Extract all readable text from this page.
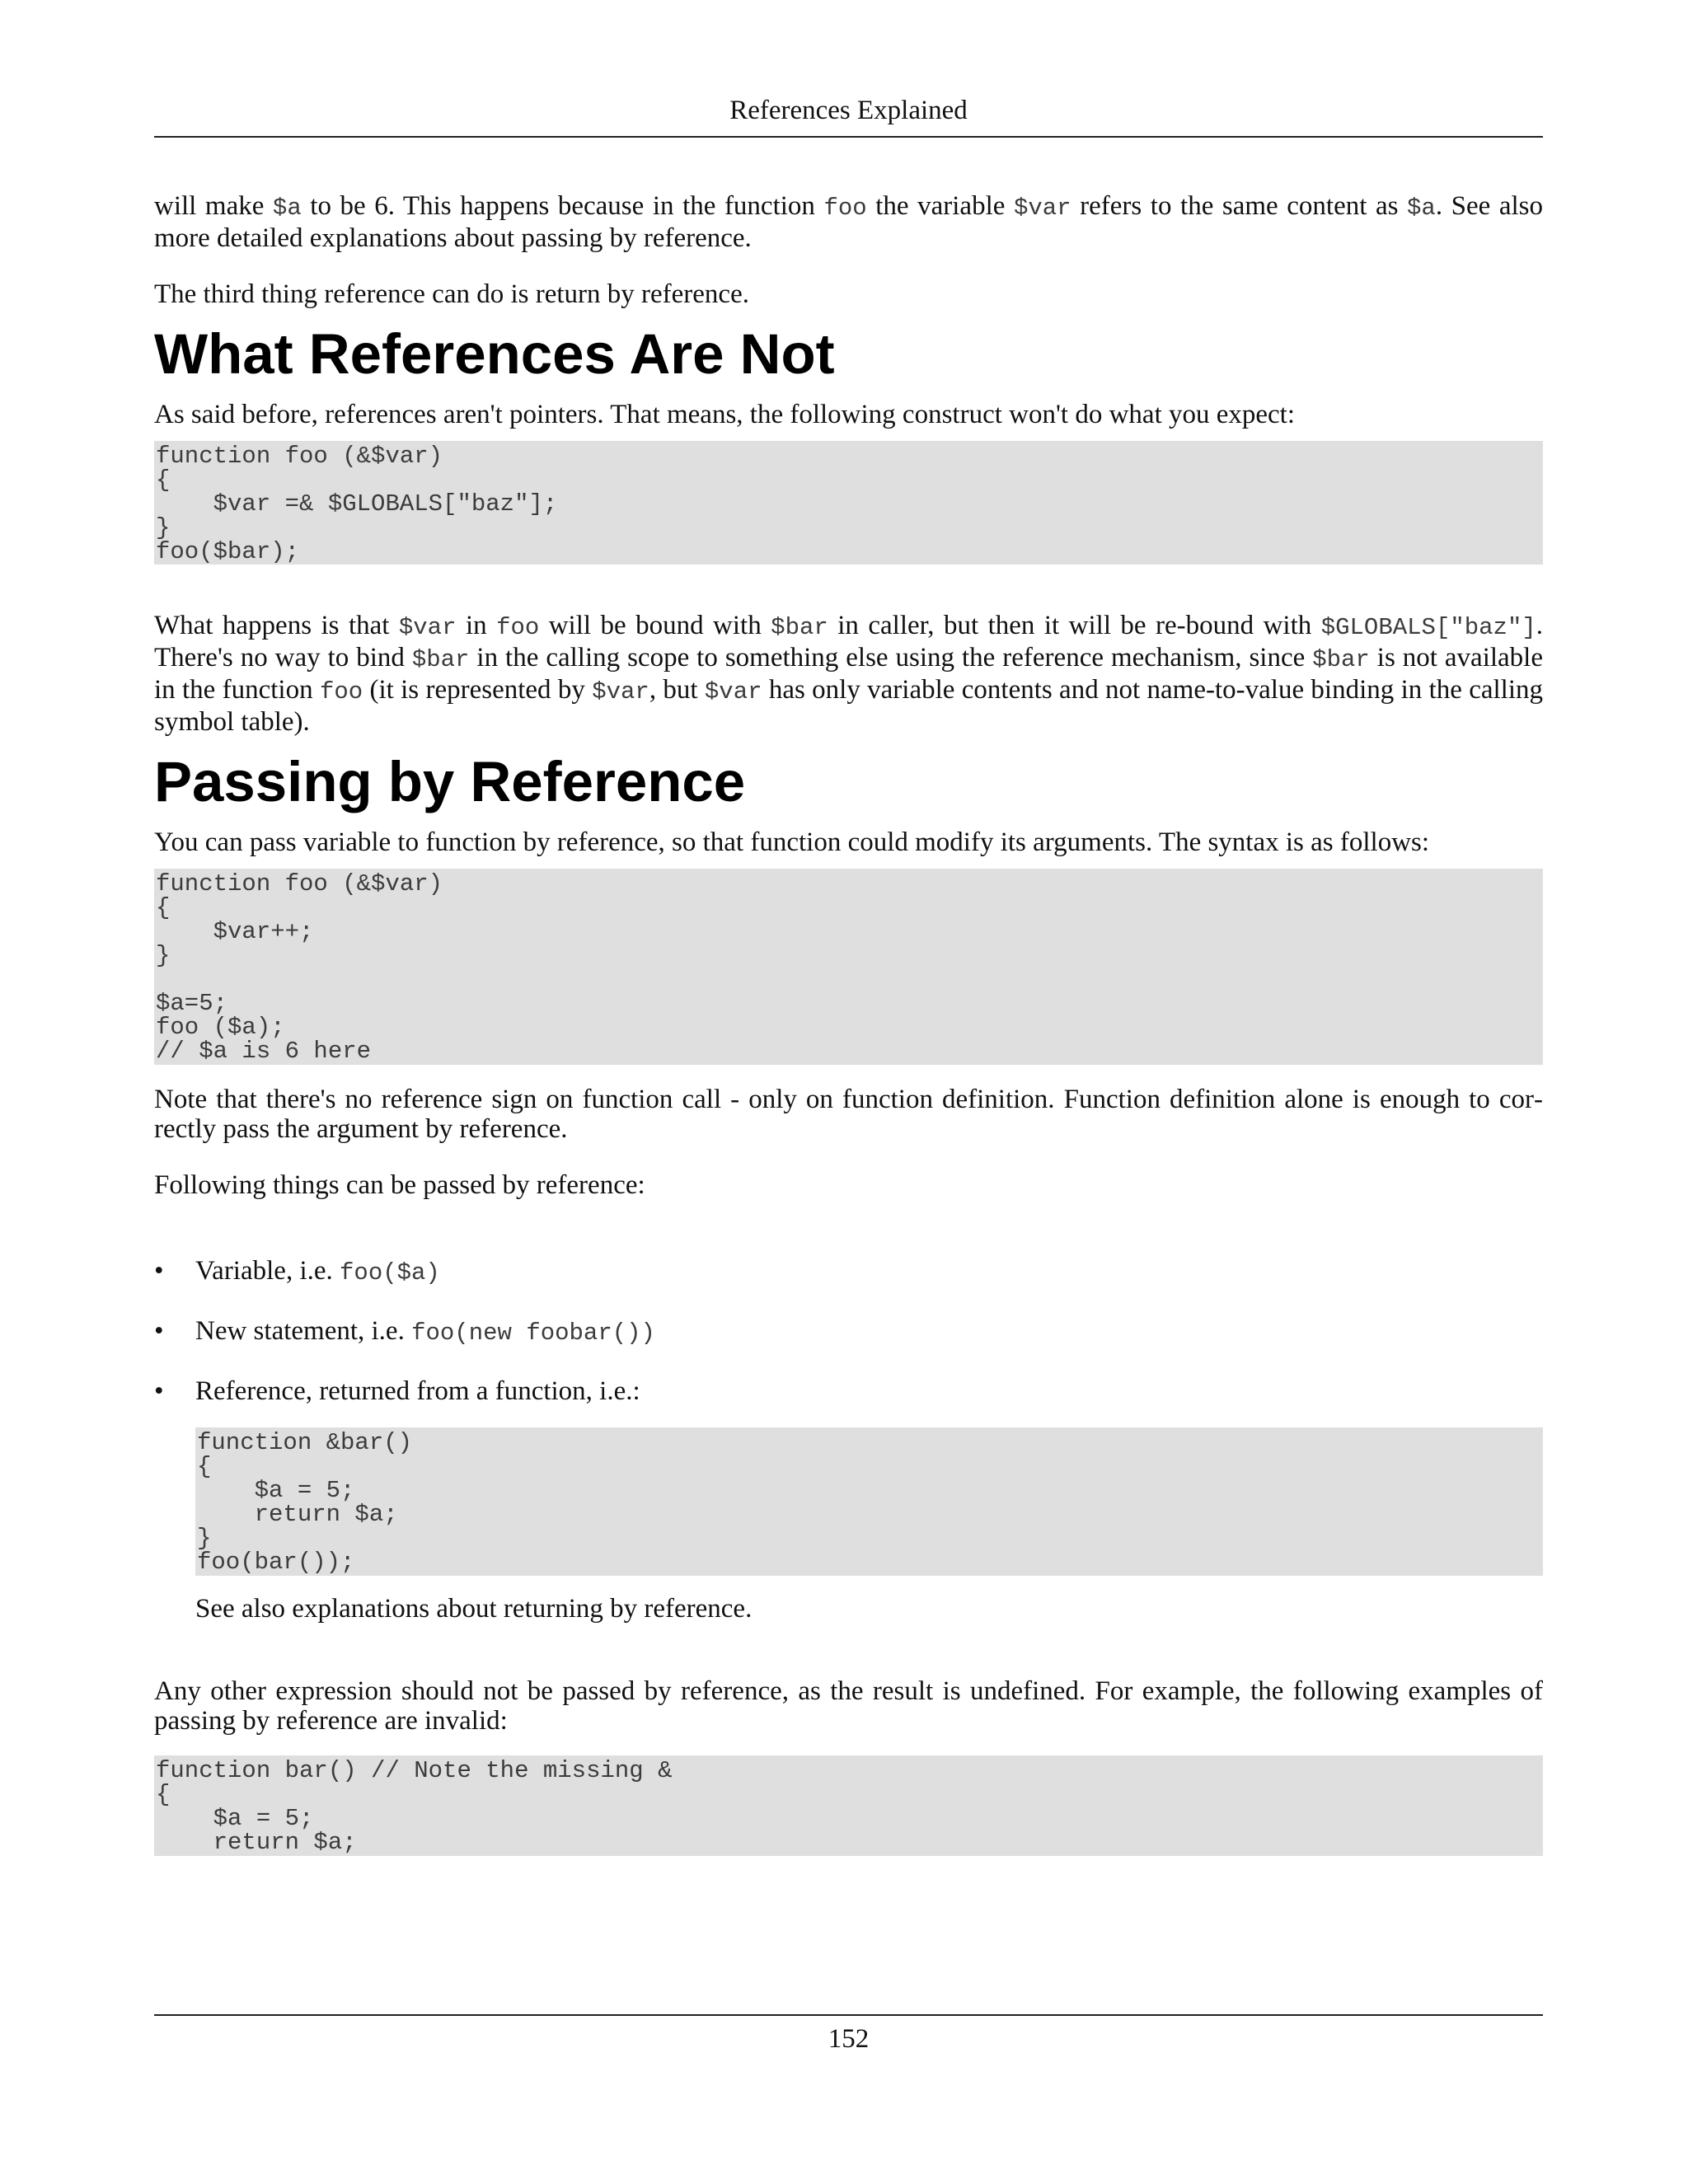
References Explained

will make $a to be 6. This happens because in the function foo the variable $var refers to the same content as $a. See also more detailed explanations about passing by reference.

The third thing reference can do is return by reference.

What References Are Not

As said before, references aren't pointers. That means, the following construct won't do what you expect:

function foo (&$var)
{
$var =& $GLOBALS["baz"];
}
foo($bar);

What happens is that $var in foo will be bound with $bar in caller, but then it will be re-bound with $GLOBALS["baz"]. There's no way to bind $bar in the calling scope to something else using the reference mechanism, since $bar is not available in the function foo (it is represented by $var, but $var has only variable contents and not name-to-value binding in the calling symbol table).

Passing by Reference

You can pass variable to function by reference, so that function could modify its arguments. The syntax is as follows:

function foo (&$var)
{
$var++;
}

$a=5;
foo ($a);
// $a is 6 here

Note that there's no reference sign on function call - only on function definition. Function definition alone is enough to correctly pass the argument by reference.

Following things can be passed by reference:

• Variable, i.e. foo($a)
• New statement, i.e. foo(new foobar())
• Reference, returned from a function, i.e.:
function &bar()
{
$a = 5;
return $a;
}
foo(bar());

See also explanations about returning by reference.

Any other expression should not be passed by reference, as the result is undefined. For example, the following examples of passing by reference are invalid:

function bar() // Note the missing &
{
$a = 5;
return $a;
152
